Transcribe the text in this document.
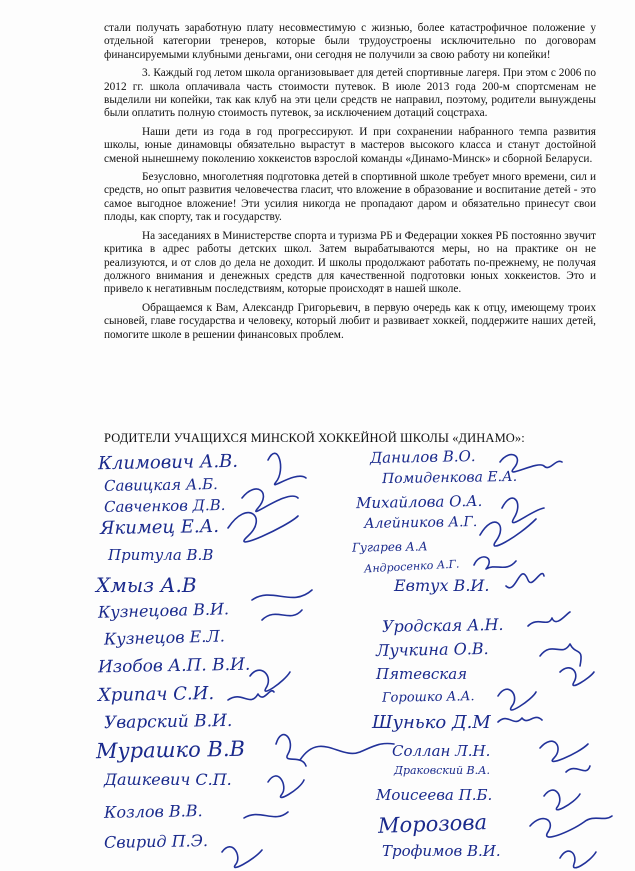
стали получать заработную плату несовместимую с жизнью, более катастрофичное положение у отдельной категории тренеров, которые были трудоустроены исключительно по договорам финансируемыми клубными деньгами, они сегодня не получили за свою работу ни копейки!

3. Каждый год летом школа организовывает для детей спортивные лагеря. При этом с 2006 по 2012 гг. школа оплачивала часть стоимости путевок. В июле 2013 года 200-м спортсменам не выделили ни копейки, так как клуб на эти цели средств не направил, поэтому, родители вынуждены были оплатить полную стоимость путевок, за исключением дотаций соцстраха.

Наши дети из года в год прогрессируют. И при сохранении набранного темпа развития школы, юные динамовцы обязательно вырастут в мастеров высокого класса и станут достойной сменой нынешнему поколению хоккеистов взрослой команды «Динамо-Минск» и сборной Беларуси.

Безусловно, многолетняя подготовка детей в спортивной школе требует много времени, сил и средств, но опыт развития человечества гласит, что вложение в образование и воспитание детей - это самое выгодное вложение! Эти усилия никогда не пропадают даром и обязательно принесут свои плоды, как спорту, так и государству.

На заседаниях в Министерстве спорта и туризма РБ и Федерации хоккея РБ постоянно звучит критика в адрес работы детских школ. Затем вырабатываются меры, но на практике он не реализуются, и от слов до дела не доходит. И школы продолжают работать по-прежнему, не получая должного внимания и денежных средств для качественной подготовки юных хоккеистов. Это и привело к негативным последствиям, которые происходят в нашей школе.

Обращаемся к Вам, Александр Григорьевич, в первую очередь как к отцу, имеющему троих сыновей, главе государства и человеку, который любит и развивает хоккей, поддержите наших детей, помогите школе в решении финансовых проблем.

РОДИТЕЛИ УЧАЩИХСЯ МИНСКОЙ ХОККЕЙНОЙ ШКОЛЫ «ДИНАМО»:
Климович А.В.
Савицкая А.Б.
Савченков Д.В.
Якимец Е.А.
Притула В.В
Хмыз А.В
Кузнецова В.И.
Кузнецов Е.Л.
Изобов А.П. В.И.
Хрипач С.И.
Уварский В.И.
Мурашко В.В
Дашкевич С.П.
Козлов В.В.
Свирид П.Э.
Данилов В.О.
Помиденкова Е.А.
Михайлова О.А.
Алейников А.Г.
Гугарев А.А
Андросенко А.Г.
Евтух В.И.
Уродская А.Н.
Лучкина О.В.
Пятевская
Горошко А.А.
Шунько Д.М
Соллан Л.Н.
Драковский В.А.
Моисеева П.Б.
Морозова
Трофимов В.И.
